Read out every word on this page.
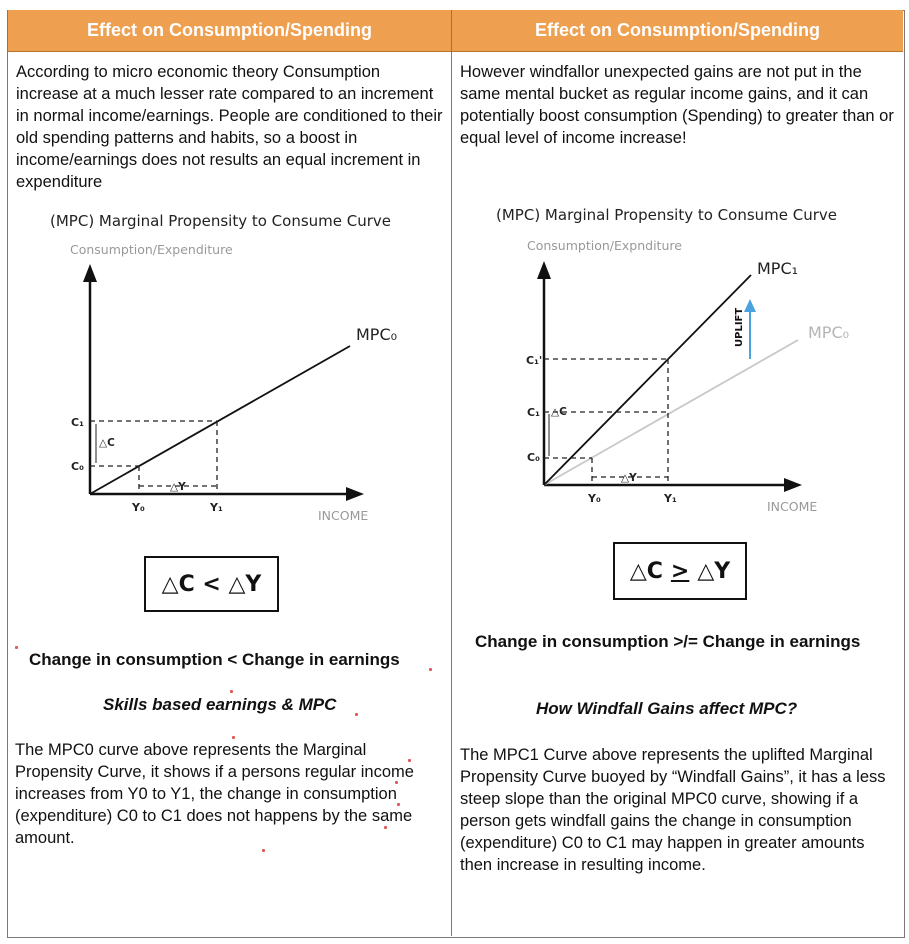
Effect on Consumption/Spending	Effect on Consumption/Spending
According to micro economic theory Consumption increase at a much lesser rate compared to an increment in normal income/earnings. People are conditioned to their old spending patterns and habits, so a boost in income/earnings does not results an equal increment in expenditure
However windfallor unexpected gains are not put in the same mental bucket as regular income gains, and it can potentially boost consumption (Spending) to greater than or equal level of income increase!
(MPC) Marginal Propensity to Consume Curve
Consumption/Expenditure
INCOME
MPC₀
C₁
C₀
△C
△Y
Y₀	Y₁
(MPC) Marginal Propensity to Consume Curve
Consumption/Expnditure
INCOME
MPC₀
MPC₁
UPLIFT
C₁'
C₁
C₀
△C
△Y
Y₀	Y₁
△C < △Y
△C > △Y
Change in consumption < Change in earnings
Change in consumption >/= Change in earnings
Skills based earnings & MPC	How Windfall Gains affect MPC?
The MPC0 curve above represents the Marginal Propensity Curve, it shows if a persons regular income increases from Y0 to Y1, the change in consumption (expenditure) C0 to C1 does not happens by the same amount.
The MPC1 Curve above represents the uplifted Marginal Propensity Curve buoyed by “Windfall Gains”, it has a less steep slope than the original MPC0 curve, showing if a person gets windfall gains the change in consumption (expenditure) C0 to C1 may happen in greater amounts then increase in resulting income.
